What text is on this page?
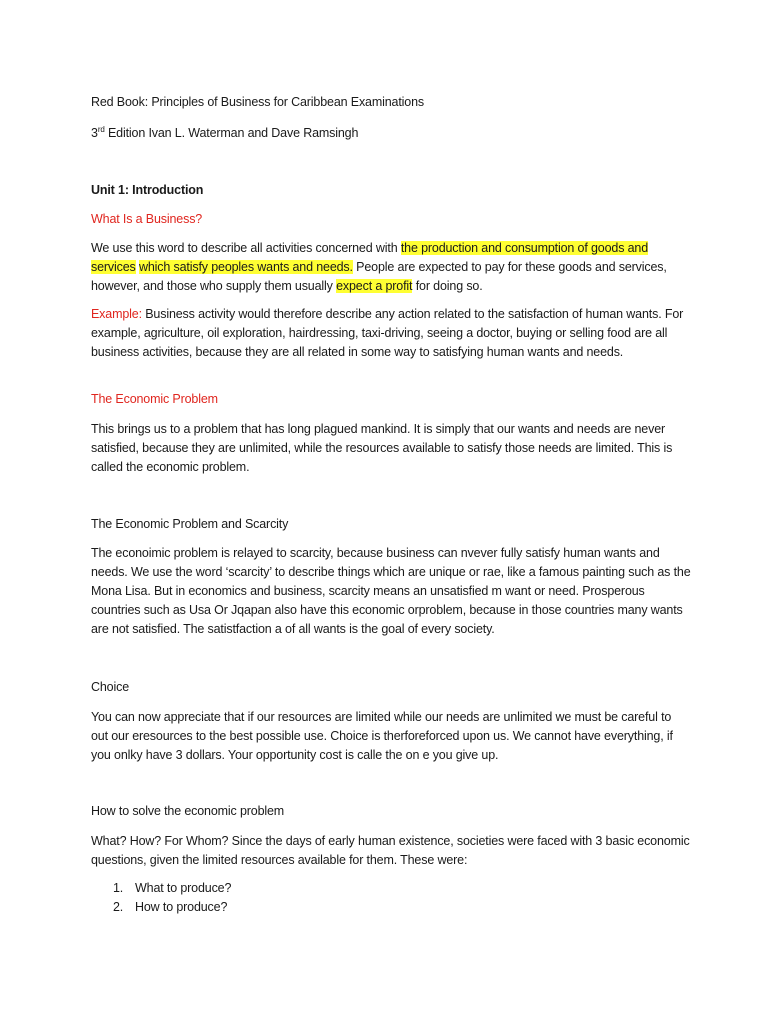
Red Book: Principles of Business for Caribbean Examinations

3rd Edition Ivan L. Waterman and Dave Ramsingh

Unit 1: Introduction

What Is a Business?

We use this word to describe all activities concerned with the production and consumption of goods and services which satisfy peoples wants and needs. People are expected to pay for these goods and services, however, and those who supply them usually expect a profit for doing so.

Example: Business activity would therefore describe any action related to the satisfaction of human wants. For example, agriculture, oil exploration, hairdressing, taxi-driving, seeing a doctor, buying or selling food are all business activities, because they are all related in some way to satisfying human wants and needs.

The Economic Problem

This brings us to a problem that has long plagued mankind. It is simply that our wants and needs are never satisfied, because they are unlimited, while the resources available to satisfy those needs are limited. This is called the economic problem.

The Economic Problem and Scarcity

The econoimic problem is relayed to scarcity, because business can nvever fully satisfy human wants and needs. We use the word ‘scarcity’ to describe things which are unique or rae, like a famous painting such as the Mona Lisa. But in economics and business, scarcity means an unsatisfied m want or need. Prosperous countries such as Usa Or Jqapan also have this economic orproblem, because in those countries many wants are not satisfied. The satistfaction a of all wants is the goal of every society.

Choice

You can now appreciate that if our resources are limited while our needs are unlimited we must be careful to out our eresources to the best possible use. Choice is therforeforced upon us. We cannot have everything, if you onlky have 3 dollars. Your opportunity cost is calle the on e you give up.

How to solve the economic problem

What? How? For Whom? Since the days of early human existence, societies were faced with 3 basic economic questions, given the limited resources available for them. These were:

1. What to produce?
2. How to produce?
